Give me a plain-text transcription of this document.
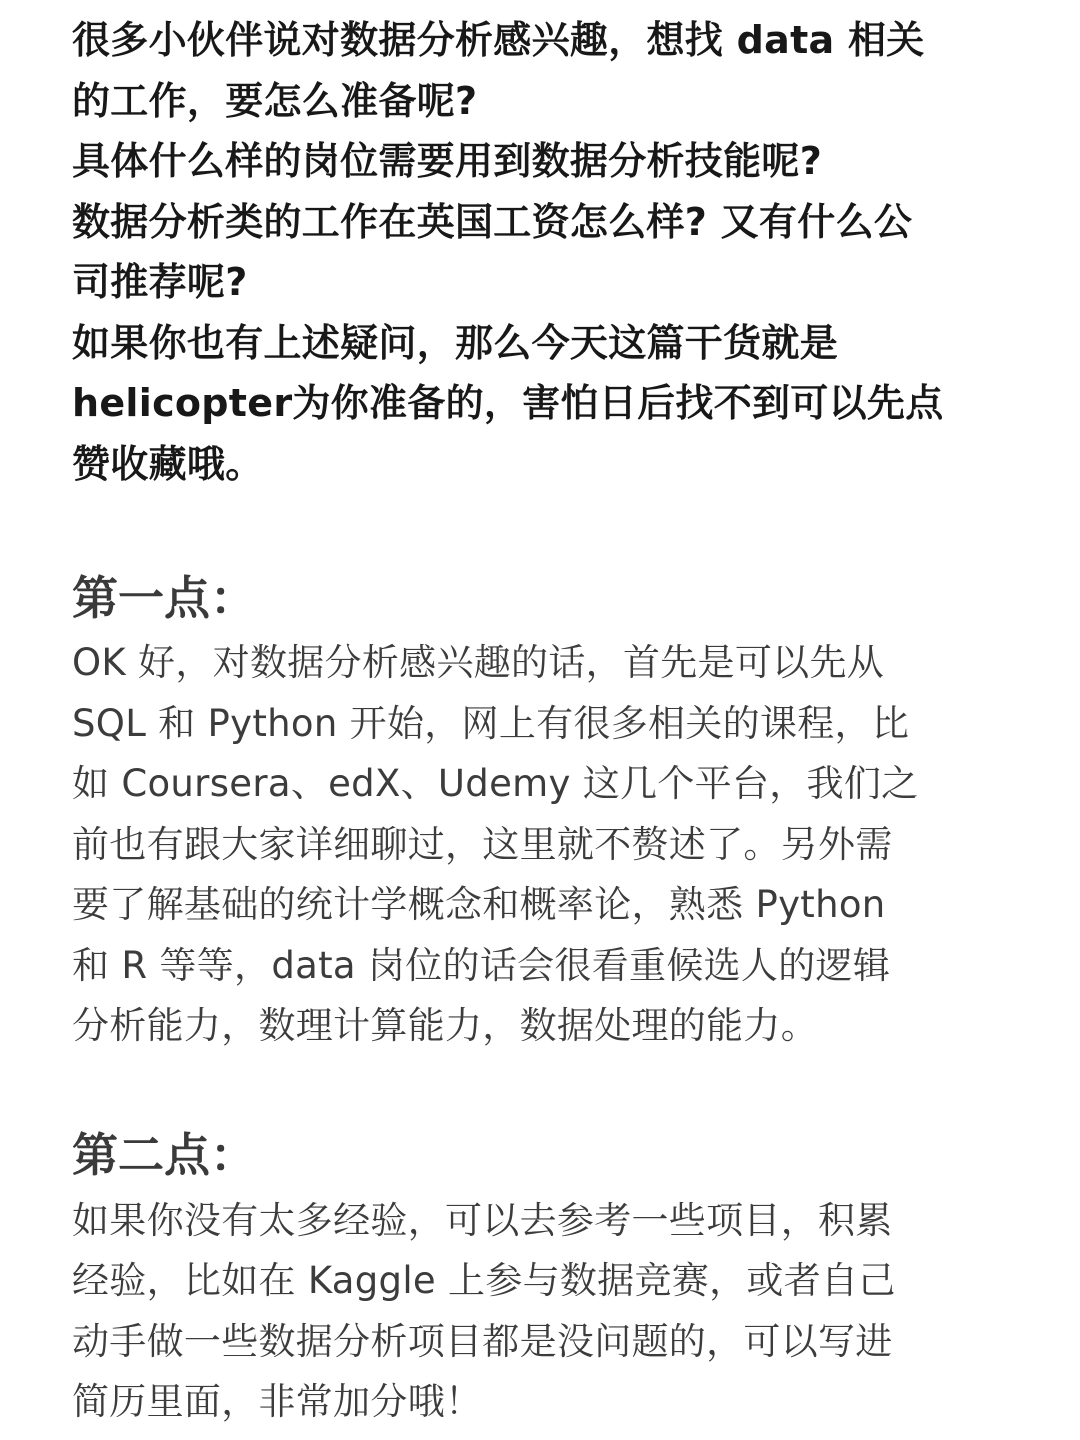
很多小伙伴说对数据分析感兴趣，想找 data 相关
的工作，要怎么准备呢?
具体什么样的岗位需要用到数据分析技能呢?
数据分析类的工作在英国工资怎么样? 又有什么公
司推荐呢?
如果你也有上述疑问，那么今天这篇干货就是
helicopter为你准备的，害怕日后找不到可以先点
赞收藏哦。
第一点：
OK 好，对数据分析感兴趣的话，首先是可以先从
SQL 和 Python 开始，网上有很多相关的课程，比
如 Coursera、edX、Udemy 这几个平台，我们之
前也有跟大家详细聊过，这里就不赘述了。另外需
要了解基础的统计学概念和概率论，熟悉 Python
和 R 等等，data 岗位的话会很看重候选人的逻辑
分析能力，数理计算能力，数据处理的能力。
第二点：
如果你没有太多经验，可以去参考一些项目，积累
经验，比如在 Kaggle 上参与数据竞赛，或者自己
动手做一些数据分析项目都是没问题的，可以写进
简历里面，非常加分哦！
